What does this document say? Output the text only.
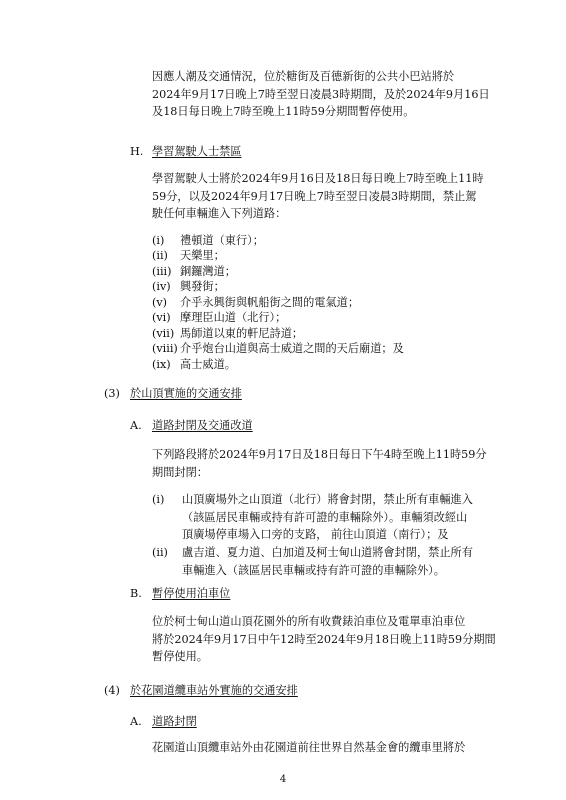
因應人潮及交通情況，位於糖街及百德新街的公共小巴站將於
2024年9月17日晚上7時至翌日凌晨3時期間，及於2024年9月16日
及18日每日晚上7時至晚上11時59分期間暫停使用。
H. 學習駕駛人士禁區
學習駕駛人士將於2024年9月16日及18日每日晚上7時至晚上11時
59分，以及2024年9月17日晚上7時至翌日凌晨3時期間，禁止駕
駛任何車輛進入下列道路：
(i) 禮頓道（東行）；
(ii) 天樂里；
(iii) 銅鑼灣道；
(iv) 興發街；
(v) 介乎永興街與帆船街之間的電氣道；
(vi) 摩理臣山道（北行）；
(vii) 馬師道以東的軒尼詩道；
(viii) 介乎炮台山道與高士威道之間的天后廟道；及
(ix) 高士威道。
(3) 於山頂實施的交通安排
A. 道路封閉及交通改道
下列路段將於2024年9月17日及18日每日下午4時至晚上11時59分
期間封閉：
(i) 山頂廣場外之山頂道（北行）將會封閉，禁止所有車輛進入
（該區居民車輛或持有許可證的車輛除外）。車輛須改經山
頂廣場停車場入口旁的支路， 前往山頂道（南行）；及
(ii) 盧吉道、夏力道、白加道及柯士甸山道將會封閉，禁止所有
車輛進入（該區居民車輛或持有許可證的車輛除外）。
B. 暫停使用泊車位
位於柯士甸山道山頂花園外的所有收費錶泊車位及電單車泊車位
將於2024年9月17日中午12時至2024年9月18日晚上11時59分期間
暫停使用。
(4) 於花園道纜車站外實施的交通安排
A. 道路封閉
花園道山頂纜車站外由花園道前往世界自然基金會的纜車里將於
4
